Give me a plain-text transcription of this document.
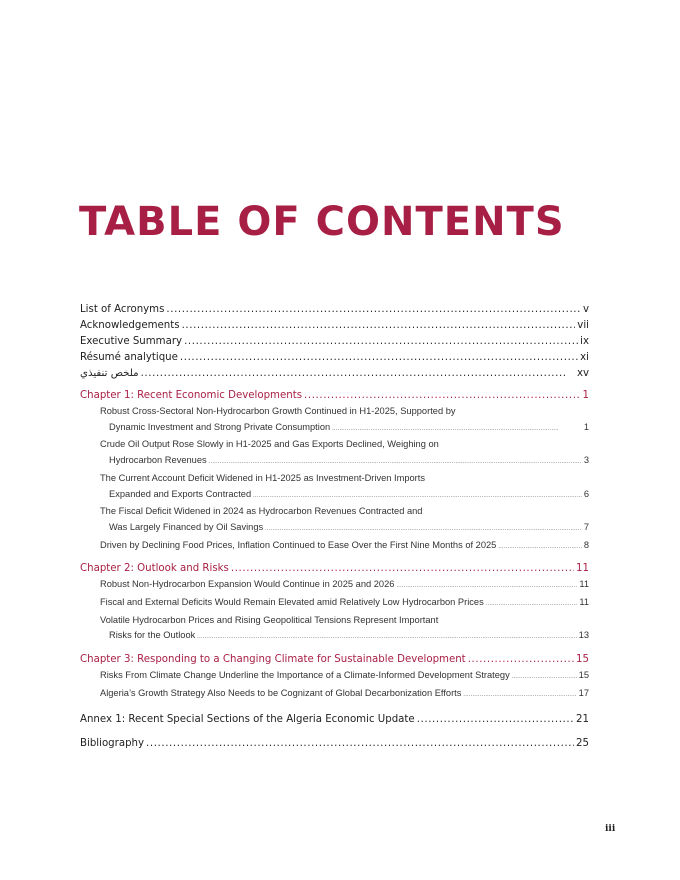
TABLE OF CONTENTS
List of Acronyms .....	v
Acknowledgements .....	vii
Executive Summary .....	ix
Résumé analytique .....	xi
ملخص تنفيذي .....	xv
Chapter 1: Recent Economic Developments .....	1
Robust Cross-Sectoral Non-Hydrocarbon Growth Continued in H1-2025, Supported by
Dynamic Investment and Strong Private Consumption .....	1
Crude Oil Output Rose Slowly in H1-2025 and Gas Exports Declined, Weighing on
Hydrocarbon Revenues .....	3
The Current Account Deficit Widened in H1-2025 as Investment-Driven Imports
Expanded and Exports Contracted .....	6
The Fiscal Deficit Widened in 2024 as Hydrocarbon Revenues Contracted and
Was Largely Financed by Oil Savings .....	7
Driven by Declining Food Prices, Inflation Continued to Ease Over the First Nine Months of 2025 .....	8
Chapter 2: Outlook and Risks .....	11
Robust Non-Hydrocarbon Expansion Would Continue in 2025 and 2026 .....	11
Fiscal and External Deficits Would Remain Elevated amid Relatively Low Hydrocarbon Prices .....	11
Volatile Hydrocarbon Prices and Rising Geopolitical Tensions Represent Important
Risks for the Outlook .....	13
Chapter 3: Responding to a Changing Climate for Sustainable Development .....	15
Risks From Climate Change Underline the Importance of a Climate-Informed Development Strategy .....	15
Algeria’s Growth Strategy Also Needs to be Cognizant of Global Decarbonization Efforts .....	17
Annex 1: Recent Special Sections of the Algeria Economic Update .....	21
Bibliography .....	25
iii
